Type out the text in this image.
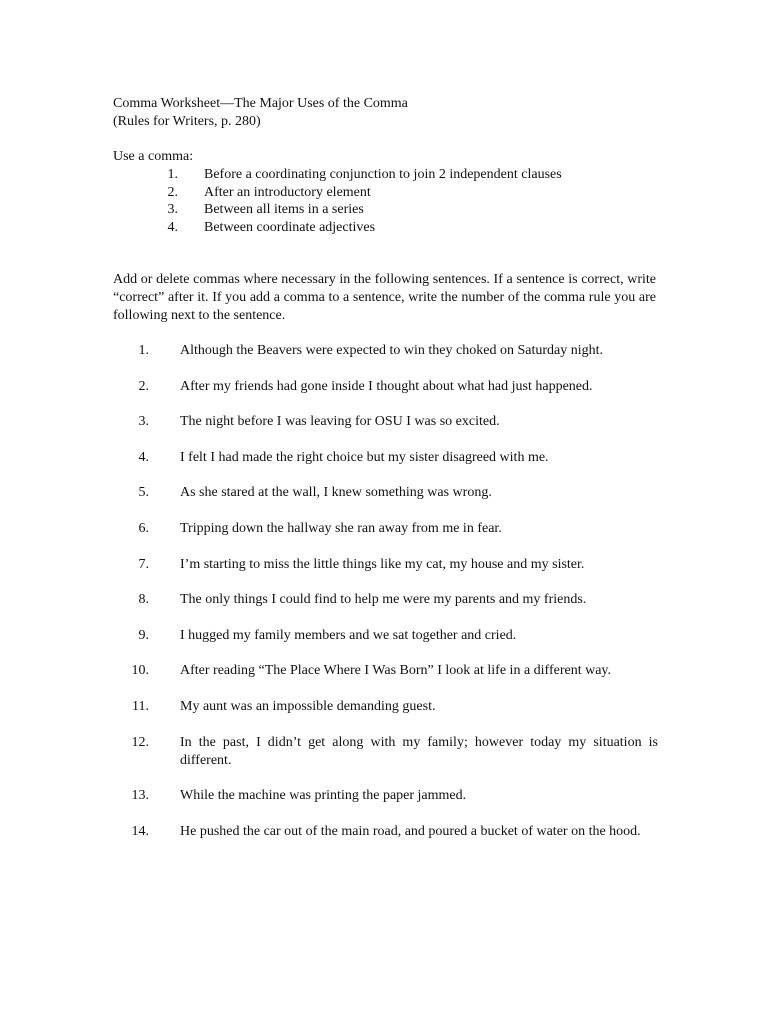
Comma Worksheet—The Major Uses of the Comma
(Rules for Writers, p. 280)
Use a comma:
1. Before a coordinating conjunction to join 2 independent clauses
2. After an introductory element
3. Between all items in a series
4. Between coordinate adjectives
Add or delete commas where necessary in the following sentences. If a sentence is correct, write “correct” after it. If you add a comma to a sentence, write the number of the comma rule you are following next to the sentence.
1. Although the Beavers were expected to win they choked on Saturday night.
2. After my friends had gone inside I thought about what had just happened.
3. The night before I was leaving for OSU I was so excited.
4. I felt I had made the right choice but my sister disagreed with me.
5. As she stared at the wall, I knew something was wrong.
6. Tripping down the hallway she ran away from me in fear.
7. I’m starting to miss the little things like my cat, my house and my sister.
8. The only things I could find to help me were my parents and my friends.
9. I hugged my family members and we sat together and cried.
10. After reading “The Place Where I Was Born” I look at life in a different way.
11. My aunt was an impossible demanding guest.
12. In the past, I didn’t get along with my family; however today my situation is different.
13. While the machine was printing the paper jammed.
14. He pushed the car out of the main road, and poured a bucket of water on the hood.
